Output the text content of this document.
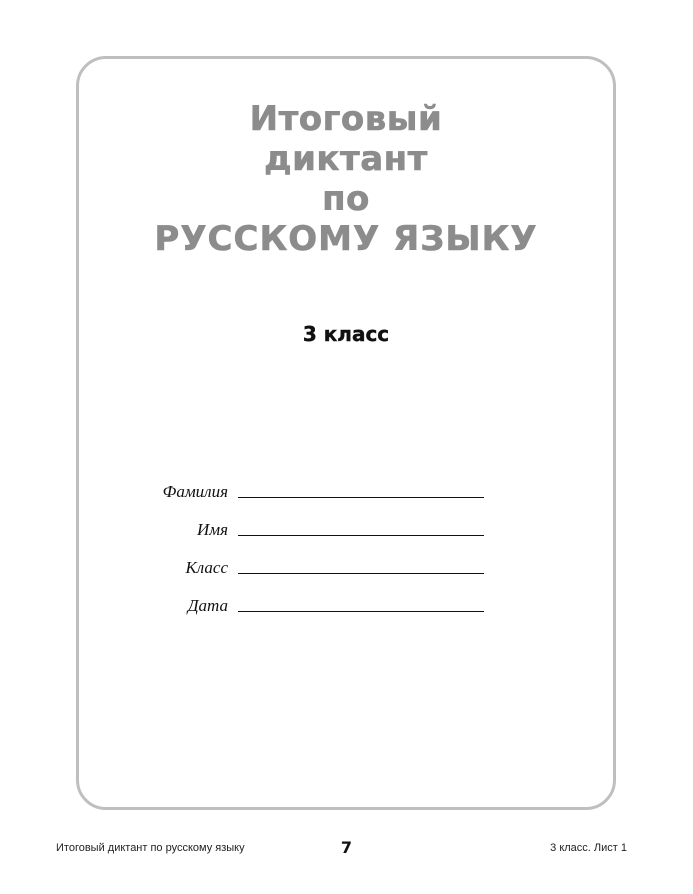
Итоговый
диктант
по
РУССКОМУ ЯЗЫКУ
3 класс
Фамилия
Имя
Класс
Дата
Итоговый диктант по русскому языку	7	3 класс. Лист 1
